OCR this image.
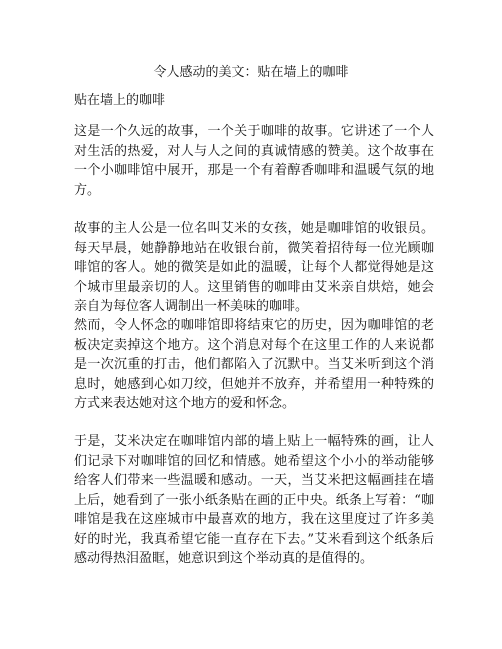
令人感动的美文：贴在墙上的咖啡
贴在墙上的咖啡

这是一个久远的故事，一个关于咖啡的故事。它讲述了一个人对生活的热爱，对人与人之间的真诚情感的赞美。这个故事在一个小咖啡馆中展开，那是一个有着醇香咖啡和温暖气氛的地方。

故事的主人公是一位名叫艾米的女孩，她是咖啡馆的收银员。每天早晨，她静静地站在收银台前，微笑着招待每一位光顾咖啡馆的客人。她的微笑是如此的温暖，让每个人都觉得她是这个城市里最亲切的人。这里销售的咖啡由艾米亲自烘焙，她会亲自为每位客人调制出一杯美味的咖啡。

然而，令人怀念的咖啡馆即将结束它的历史，因为咖啡馆的老板决定卖掉这个地方。这个消息对每个在这里工作的人来说都是一次沉重的打击，他们都陷入了沉默中。当艾米听到这个消息时，她感到心如刀绞，但她并不放弃，并希望用一种特殊的方式来表达她对这个地方的爱和怀念。

于是，艾米决定在咖啡馆内部的墙上贴上一幅特殊的画，让人们记录下对咖啡馆的回忆和情感。她希望这个小小的举动能够给客人们带来一些温暖和感动。一天，当艾米把这幅画挂在墙上后，她看到了一张小纸条贴在画的正中央。纸条上写着：“咖啡馆是我在这座城市中最喜欢的地方，我在这里度过了许多美好的时光，我真希望它能一直存在下去。”艾米看到这个纸条后感动得热泪盈眶，她意识到这个举动真的是值得的。
